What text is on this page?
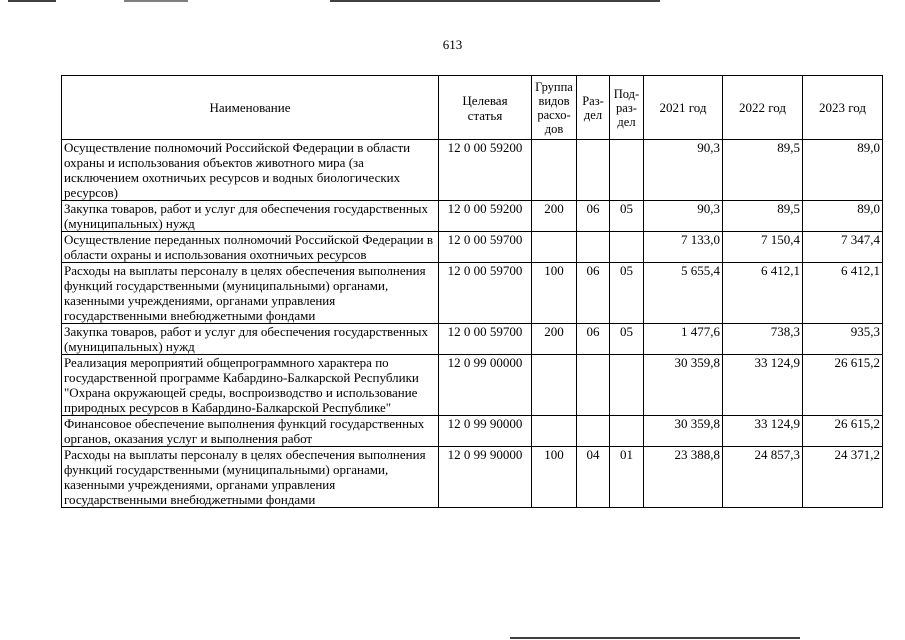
613
Наименование	Целевая статья	Группа видов расхо-дов	Раз-дел	Под-раз-дел	2021 год	2022 год	2023 год
Осуществление полномочий Российской Федерации в области охраны и использования объектов животного мира (за исключением охотничьих ресурсов и водных биологических ресурсов)	12 0 00 59200				90,3	89,5	89,0
Закупка товаров, работ и услуг для обеспечения государственных (муниципальных) нужд	12 0 00 59200	200	06	05	90,3	89,5	89,0
Осуществление переданных полномочий Российской Федерации в области охраны и использования охотничьих ресурсов	12 0 00 59700				7 133,0	7 150,4	7 347,4
Расходы на выплаты персоналу в целях обеспечения выполнения функций государственными (муниципальными) органами, казенными учреждениями, органами управления государственными внебюджетными фондами	12 0 00 59700	100	06	05	5 655,4	6 412,1	6 412,1
Закупка товаров, работ и услуг для обеспечения государственных (муниципальных) нужд	12 0 00 59700	200	06	05	1 477,6	738,3	935,3
Реализация мероприятий общепрограммного характера по государственной программе Кабардино-Балкарской Республики "Охрана окружающей среды, воспроизводство и использование природных ресурсов в Кабардино-Балкарской Республике"	12 0 99 00000				30 359,8	33 124,9	26 615,2
Финансовое обеспечение выполнения функций государственных органов, оказания услуг и выполнения работ	12 0 99 90000				30 359,8	33 124,9	26 615,2
Расходы на выплаты персоналу в целях обеспечения выполнения функций государственными (муниципальными) органами, казенными учреждениями, органами управления государственными внебюджетными фондами	12 0 99 90000	100	04	01	23 388,8	24 857,3	24 371,2
